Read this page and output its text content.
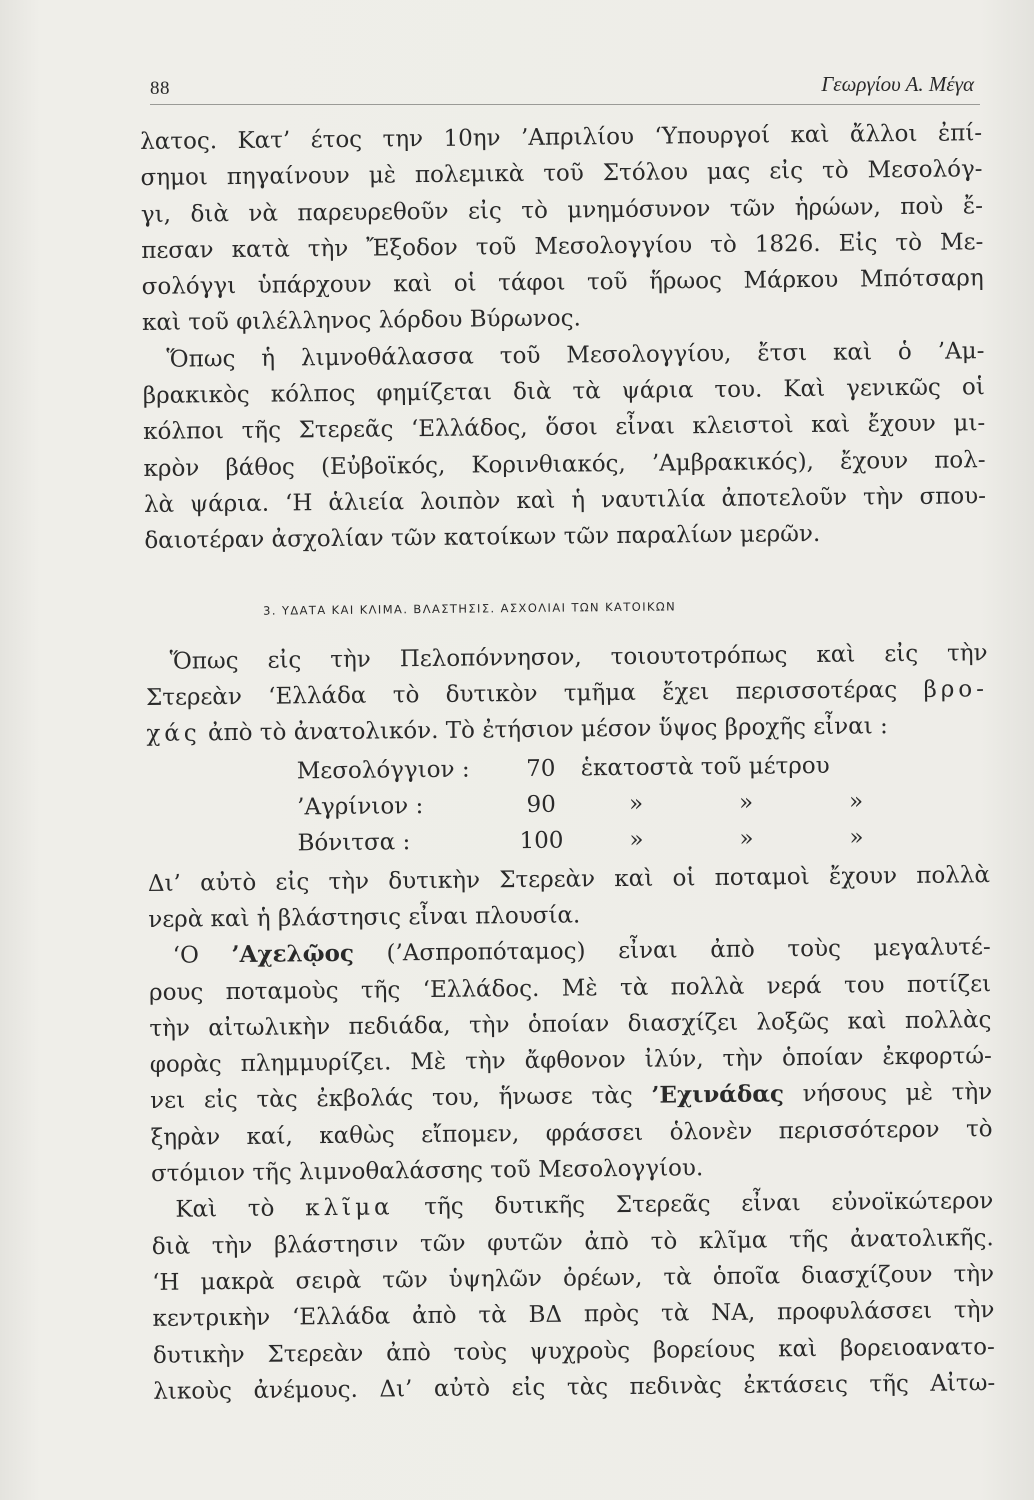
88	Γεωργίου Α. Μέγα
λατος. Κατ’ έτος την 10ην ’Απριλίου ‘Υπουργοί καὶ ἄλλοι ἐπί-
σημοι πηγαίνουν μὲ πολεμικὰ τοῦ Στόλου μας εἰς τὸ Μεσολόγ-
γι, διὰ νὰ παρευρεθοῦν εἰς τὸ μνημόσυνον τῶν ἡρώων, ποὺ ἔ-
πεσαν κατὰ τὴν Ἔξοδον τοῦ Μεσολογγίου τὸ 1826. Εἰς τὸ Με-
σολόγγι ὑπάρχουν καὶ οἱ τάφοι τοῦ ἥρωος Μάρκου Μπότσαρη
καὶ τοῦ φιλέλληνος λόρδου Βύρωνος.
Ὅπως ἡ λιμνοθάλασσα τοῦ Μεσολογγίου, ἔτσι καὶ ὁ ’Αμ-
βρακικὸς κόλπος φημίζεται διὰ τὰ ψάρια του. Καὶ γενικῶς οἱ
κόλποι τῆς Στερεᾶς ‘Ελλάδος, ὅσοι εἶναι κλειστοὶ καὶ ἔχουν μι-
κρὸν βάθος (Εὐβοϊκός, Κορινθιακός, ’Αμβρακικός), ἔχουν πολ-
λὰ ψάρια. ‘Η ἁλιεία λοιπὸν καὶ ἡ ναυτιλία ἀποτελοῦν τὴν σπου-
δαιοτέραν ἀσχολίαν τῶν κατοίκων τῶν παραλίων μερῶν.
3. ΥΔΑΤΑ ΚΑΙ ΚΛΙΜΑ. ΒΛΑΣΤΗΣΙΣ. ΑΣΧΟΛΙΑΙ ΤΩΝ ΚΑΤΟΙΚΩΝ
Ὅπως εἰς τὴν Πελοπόννησον, τοιουτοτρόπως καὶ εἰς τὴν
Στερεὰν ‘Ελλάδα τὸ δυτικὸν τμῆμα ἔχει περισσοτέρας βρο-
χάς ἀπὸ τὸ ἀνατολικόν. Τὸ ἐτήσιον μέσον ὕψος βροχῆς εἶναι :
Μεσολόγγιον :	70	ἑκατοστὰ τοῦ μέτρου
’Αγρίνιον :	90	»	»	»
Βόνιτσα :	100	»	»	»
Δι’ αὐτὸ εἰς τὴν δυτικὴν Στερεὰν καὶ οἱ ποταμοὶ ἔχουν πολλὰ
νερὰ καὶ ἡ βλάστησις εἶναι πλουσία.
‘Ο ’Αχελῷος (’Ασπροπόταμος) εἶναι ἀπὸ τοὺς μεγαλυτέ-
ρους ποταμοὺς τῆς ‘Ελλάδος. Μὲ τὰ πολλὰ νερά του ποτίζει
τὴν αἰτωλικὴν πεδιάδα, τὴν ὁποίαν διασχίζει λοξῶς καὶ πολλὰς
φορὰς πλημμυρίζει. Μὲ τὴν ἄφθονον ἰλύν, τὴν ὁποίαν ἐκφορτώ-
νει εἰς τὰς ἐκβολάς του, ἥνωσε τὰς ’Εχινάδας νήσους μὲ τὴν
ξηρὰν καί, καθὼς εἴπομεν, φράσσει ὁλονὲν περισσότερον τὸ
στόμιον τῆς λιμνοθαλάσσης τοῦ Μεσολογγίου.
Καὶ τὸ κλῖμα τῆς δυτικῆς Στερεᾶς εἶναι εὐνοϊκώτερον
διὰ τὴν βλάστησιν τῶν φυτῶν ἀπὸ τὸ κλῖμα τῆς ἀνατολικῆς.
‘Η μακρὰ σειρὰ τῶν ὑψηλῶν ὀρέων, τὰ ὁποῖα διασχίζουν τὴν
κεντρικὴν ‘Ελλάδα ἀπὸ τὰ ΒΔ πρὸς τὰ ΝΑ, προφυλάσσει τὴν
δυτικὴν Στερεὰν ἀπὸ τοὺς ψυχροὺς βορείους καὶ βορειοανατο-
λικοὺς ἀνέμους. Δι’ αὐτὸ εἰς τὰς πεδινὰς ἐκτάσεις τῆς Αἰτω-
